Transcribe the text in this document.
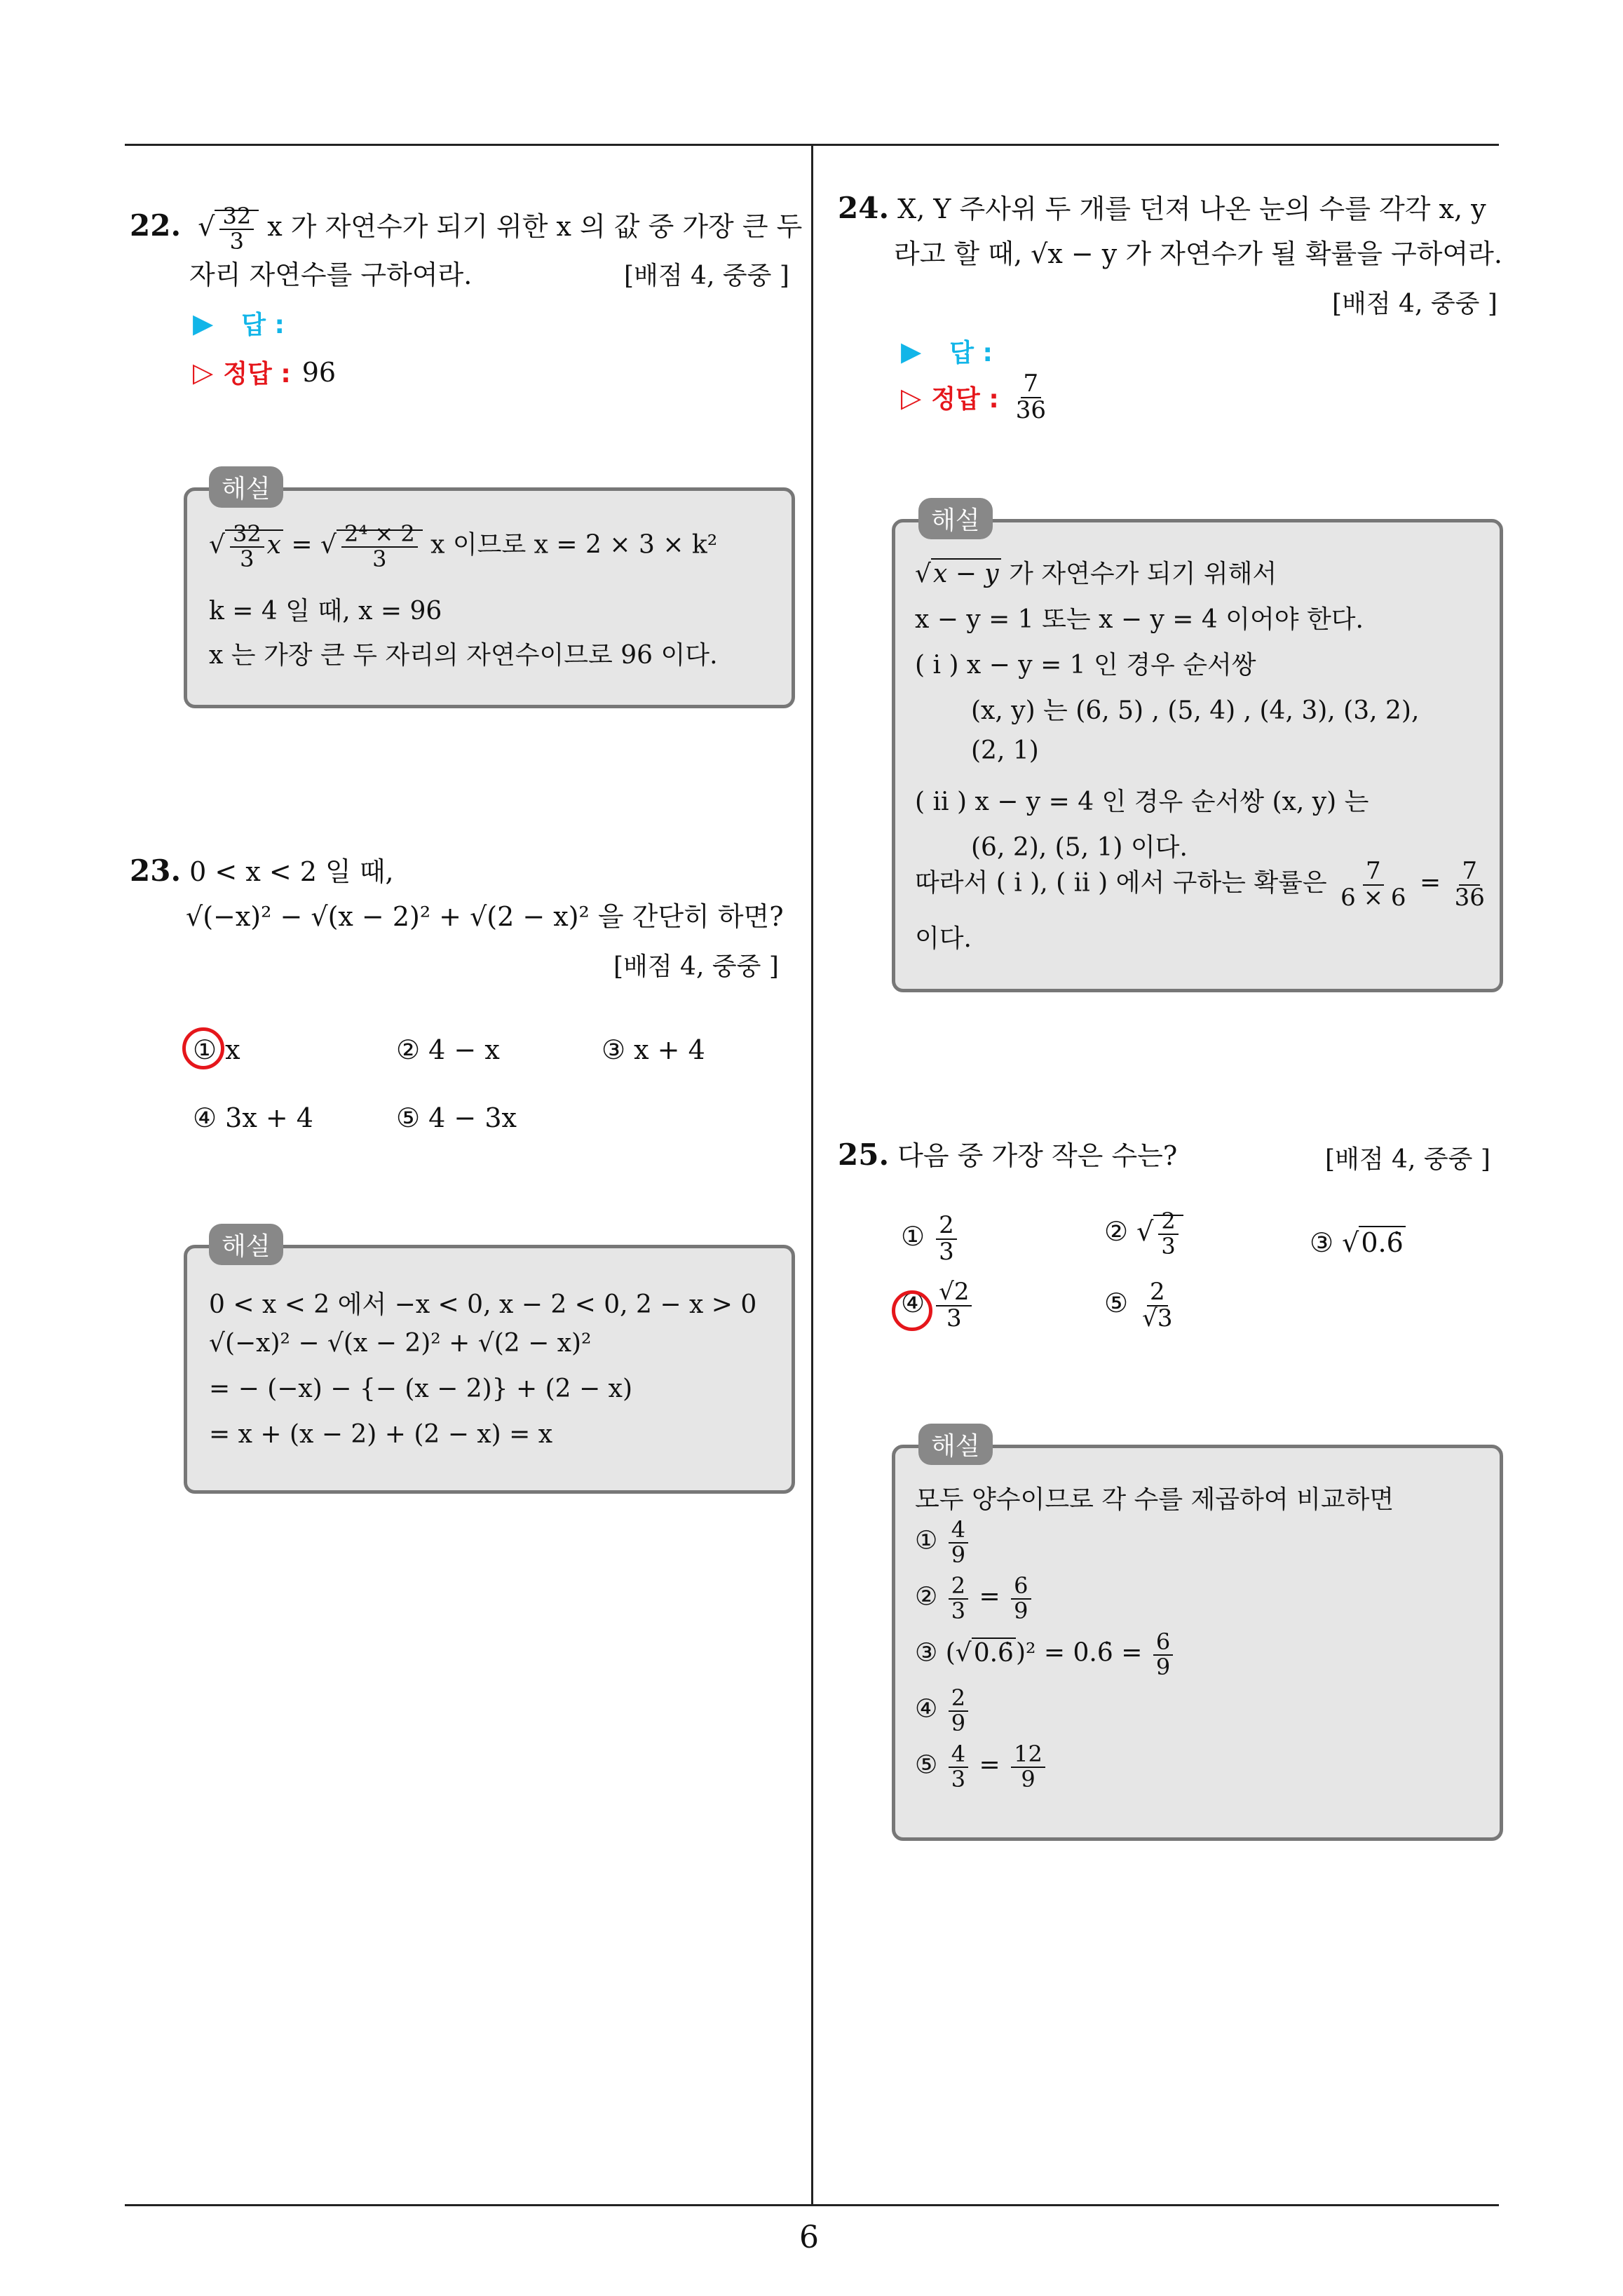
6
22.  √ $\frac{32}{3}$ x 가 자연수가 되기 위한 x 의 값 중 가장 큰 두
자리 자연수를 구하여라.	[배점 4, 중중 ]
▶ 답 :
▷ 정답 : 96
해설
√ $\frac{32}{3}$ x = √ $\frac{\text{2⁴ × 2}}{3}$ x 이므로 x = 2 × 3 × k²
k = 4 일 때, x = 96
x 는 가장 큰 두 자리의 자연수이므로 96 이다.
23. 0 < x < 2 일 때,
√(−x)² − √(x − 2)² + √(2 − x)² 을 간단히 하면?
[배점 4, 중중 ]
① x	② 4 − x	③ x + 4
④ 3x + 4	⑤ 4 − 3x
해설
0 < x < 2 에서 −x < 0, x − 2 < 0, 2 − x > 0
√(−x)² − √(x − 2)² + √(2 − x)²
= − (−x) − {− (x − 2)} + (2 − x)
= x + (x − 2) + (2 − x) = x
24. X, Y 주사위 두 개를 던져 나온 눈의 수를 각각 x, y
라고 할 때, √x − y 가 자연수가 될 확률을 구하여라.
[배점 4, 중중 ]
▶ 답 :
▷ 정답 : $\frac{7}{36}$
해설
√x − y 가 자연수가 되기 위해서
x − y = 1 또는 x − y = 4 이어야 한다.
( i ) x − y = 1 인 경우 순서쌍
(x, y) 는 (6, 5) , (5, 4) , (4, 3), (3, 2),
(2, 1)
( ii ) x − y = 4 인 경우 순서쌍 (x, y) 는
(6, 2), (5, 1) 이다.
따라서 ( i ), ( ii ) 에서 구하는 확률은 $\frac{7}{6 \times 6} = \frac{7}{36}$
이다.
25. 다음 중 가장 작은 수는?	[배점 4, 중중 ]
① $\frac{2}{3}$	② √ $\frac{2}{3}$	③ √0.6̇
④ $\frac{√2}{3}$	⑤ $\frac{2}{√3}$
해설
모두 양수이므로 각 수를 제곱하여 비교하면
① $\frac{4}{9}$
② $\frac{2}{3} = \frac{6}{9}$
③ (√0.6̇)² = 0.6̇ = $\frac{6}{9}$
④ $\frac{2}{9}$
⑤ $\frac{4}{3} = \frac{12}{9}$
